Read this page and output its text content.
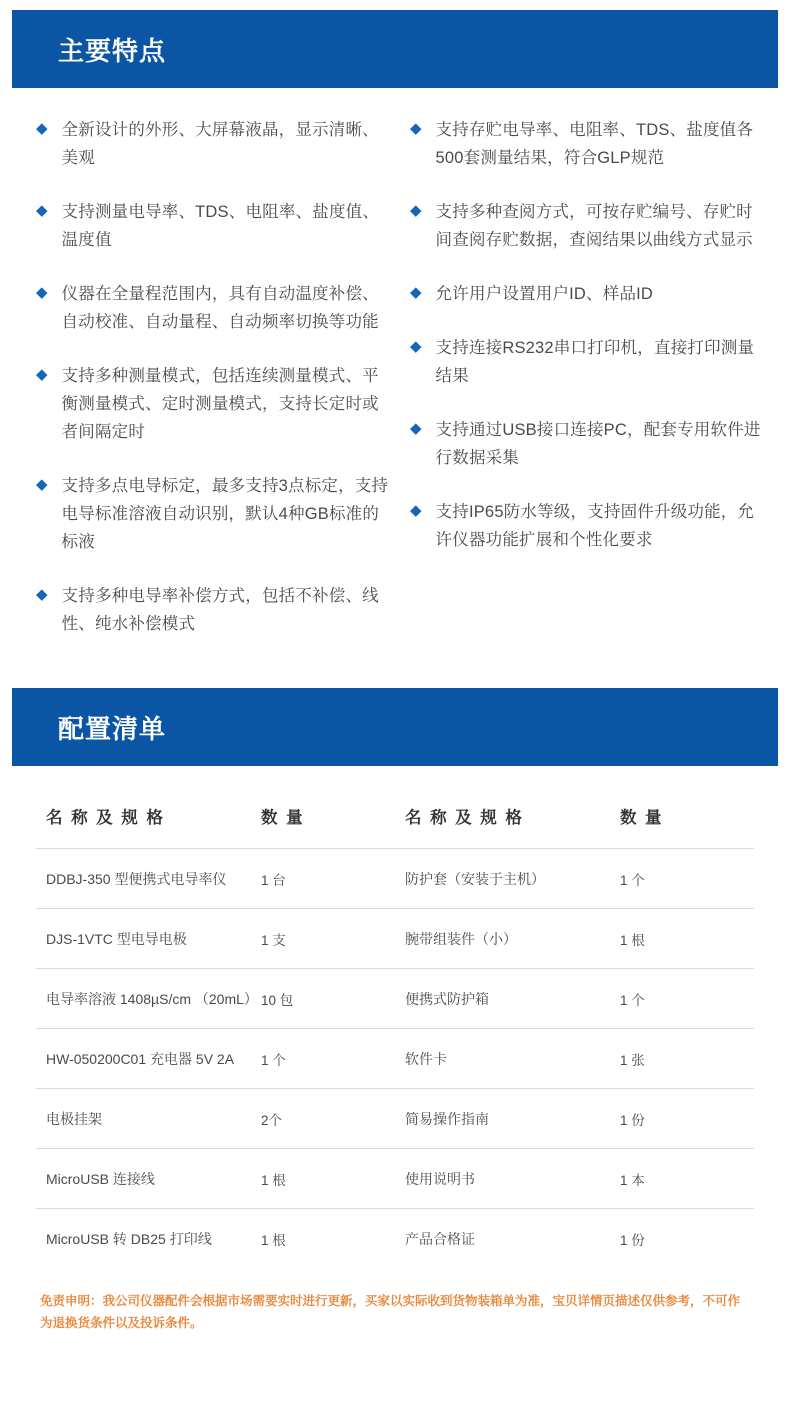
主要特点
◆ 全新设计的外形、大屏幕液晶，显示清晰、美观
◆ 支持测量电导率、TDS、电阻率、盐度值、温度值
◆ 仪器在全量程范围内，具有自动温度补偿、自动校准、自动量程、自动频率切换等功能
◆ 支持多种测量模式，包括连续测量模式、平衡测量模式、定时测量模式，支持长定时或者间隔定时
◆ 支持多点电导标定，最多支持3点标定，支持电导标准溶液自动识别，默认4种GB标准的标液
◆ 支持多种电导率补偿方式，包括不补偿、线性、纯水补偿模式
◆ 支持存贮电导率、电阻率、TDS、盐度值各500套测量结果，符合GLP规范
◆ 支持多种查阅方式，可按存贮编号、存贮时间查阅存贮数据，查阅结果以曲线方式显示
◆ 允许用户设置用户ID、样品ID
◆ 支持连接RS232串口打印机，直接打印测量结果
◆ 支持通过USB接口连接PC，配套专用软件进行数据采集
◆ 支持IP65防水等级，支持固件升级功能，允许仪器功能扩展和个性化要求
配置清单
名 称 及 规 格	数 量	名 称 及 规 格	数 量
DDBJ-350 型便携式电导率仪	1 台	防护套（安装于主机）	1 个
DJS-1VTC 型电导电极	1 支	腕带组装件（小）	1 根
电导率溶液 1408µS/cm （20mL）	10 包	便携式防护箱	1 个
HW-050200C01 充电器 5V 2A	1 个	软件卡	1 张
电极挂架	2个	简易操作指南	1 份
MicroUSB 连接线	1 根	使用说明书	1 本
MicroUSB 转 DB25 打印线	1 根	产品合格证	1 份
免责申明：我公司仪器配件会根据市场需要实时进行更新，买家以实际收到货物装箱单为准，宝贝详情页描述仅供参考，不可作为退换货条件以及投诉条件。
